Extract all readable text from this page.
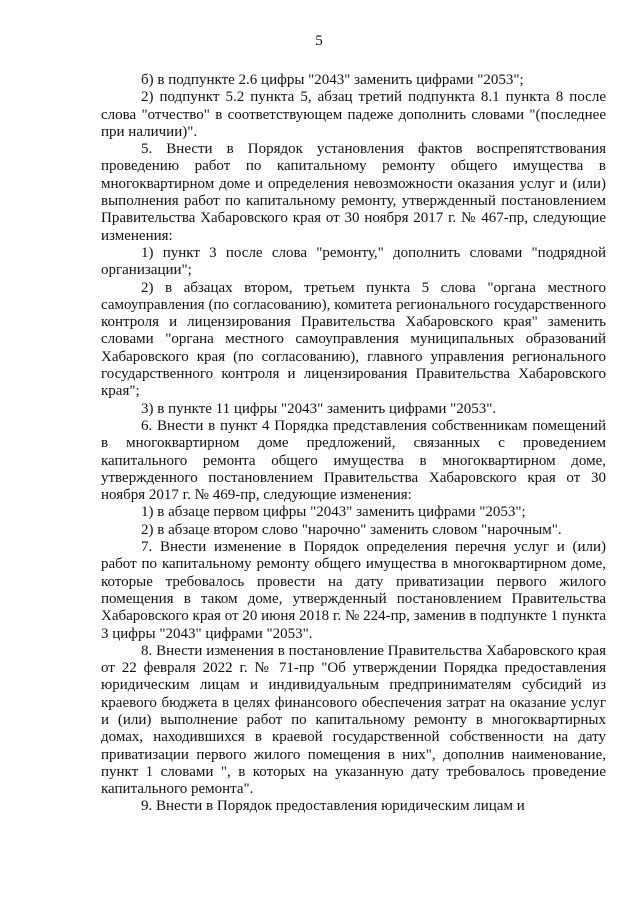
5

б) в подпункте 2.6 цифры "2043" заменить цифрами "2053";

2) подпункт 5.2 пункта 5, абзац третий подпункта 8.1 пункта 8 после слова "отчество" в соответствующем падеже дополнить словами "(последнее при наличии)".

5. Внести в Порядок установления фактов воспрепятствования проведению работ по капитальному ремонту общего имущества в многоквартирном доме и определения невозможности оказания услуг и (или) выполнения работ по капитальному ремонту, утвержденный постановлением Правительства Хабаровского края от 30 ноября 2017 г. № 467-пр, следующие изменения:

1) пункт 3 после слова "ремонту," дополнить словами "подрядной организации";

2) в абзацах втором, третьем пункта 5 слова "органа местного самоуправления (по согласованию), комитета регионального государственного контроля и лицензирования Правительства Хабаровского края" заменить словами "органа местного самоуправления муниципальных образований Хабаровского края (по согласованию), главного управления регионального государственного контроля и лицензирования Правительства Хабаровского края";

3) в пункте 11 цифры "2043" заменить цифрами "2053".

6. Внести в пункт 4 Порядка представления собственникам помещений в многоквартирном доме предложений, связанных с проведением капитального ремонта общего имущества в многоквартирном доме, утвержденного постановлением Правительства Хабаровского края от 30 ноября 2017 г. № 469-пр, следующие изменения:

1) в абзаце первом цифры "2043" заменить цифрами "2053";

2) в абзаце втором слово "нарочно" заменить словом "нарочным".

7. Внести изменение в Порядок определения перечня услуг и (или) работ по капитальному ремонту общего имущества в многоквартирном доме, которые требовалось провести на дату приватизации первого жилого помещения в таком доме, утвержденный постановлением Правительства Хабаровского края от 20 июня 2018 г. № 224-пр, заменив в подпункте 1 пункта 3 цифры "2043" цифрами "2053".

8. Внести изменения в постановление Правительства Хабаровского края от 22 февраля 2022 г. № 71-пр "Об утверждении Порядка предоставления юридическим лицам и индивидуальным предпринимателям субсидий из краевого бюджета в целях финансового обеспечения затрат на оказание услуг и (или) выполнение работ по капитальному ремонту в многоквартирных домах, находившихся в краевой государственной собственности на дату приватизации первого жилого помещения в них", дополнив наименование, пункт 1 словами ", в которых на указанную дату требовалось проведение капитального ремонта".

9. Внести в Порядок предоставления юридическим лицам и
